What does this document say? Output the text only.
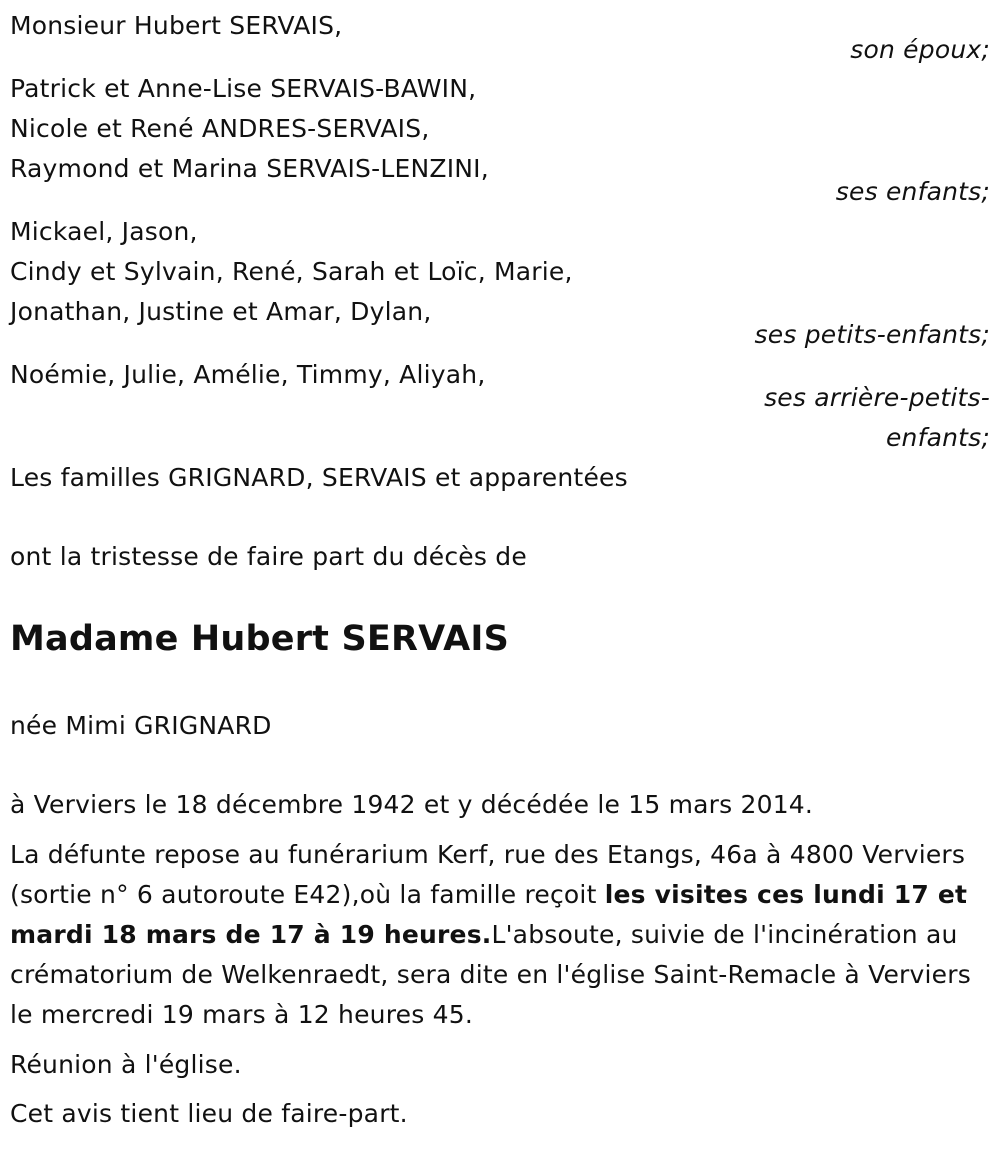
Monsieur Hubert SERVAIS,
son époux;
Patrick et Anne-Lise SERVAIS-BAWIN,
Nicole et René ANDRES-SERVAIS,
Raymond et Marina SERVAIS-LENZINI,
ses enfants;
Mickael, Jason,
Cindy et Sylvain, René, Sarah et Loïc, Marie,
Jonathan, Justine et Amar, Dylan,
ses petits-enfants;
Noémie, Julie, Amélie, Timmy, Aliyah,
ses arrière-petits-
enfants;
Les familles GRIGNARD, SERVAIS et apparentées
ont la tristesse de faire part du décès de
Madame Hubert SERVAIS
née Mimi GRIGNARD
à Verviers le 18 décembre 1942 et y décédée le 15 mars 2014.
La défunte repose au funérarium Kerf, rue des Etangs, 46a à 4800 Verviers (sortie n° 6 autoroute E42),où la famille reçoit les visites ces lundi 17 et mardi 18 mars de 17 à 19 heures.L'absoute, suivie de l'incinération au crématorium de Welkenraedt, sera dite en l'église Saint-Remacle à Verviers le mercredi 19 mars à 12 heures 45.
Réunion à l'église.
Cet avis tient lieu de faire-part.
